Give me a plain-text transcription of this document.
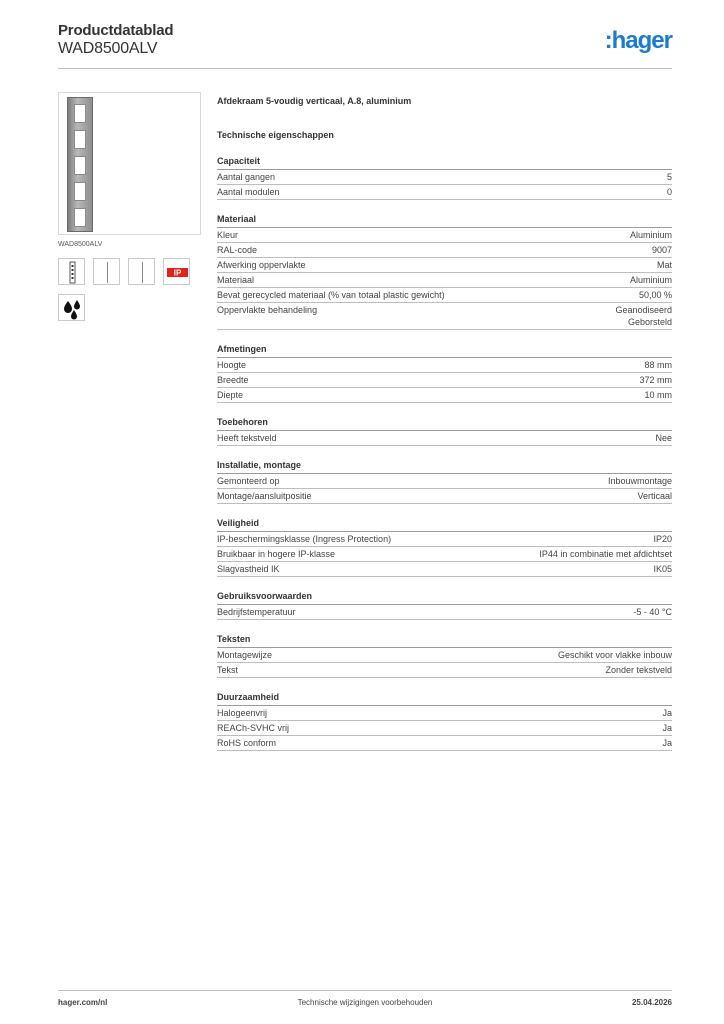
Productdatablad
WAD8500ALV	:hager
WAD8500ALV
IP
Afdekraam 5-voudig verticaal, A.8, aluminium
Technische eigenschappen
Capaciteit
Aantal gangen	5
Aantal modulen	0
Materiaal
Kleur	Aluminium
RAL-code	9007
Afwerking oppervlakte	Mat
Materiaal	Aluminium
Bevat gerecycled materiaal (% van totaal plastic gewicht)	50,00 %
Oppervlakte behandeling	Geanodiseerd
Geborsteld
Afmetingen
Hoogte	88 mm
Breedte	372 mm
Diepte	10 mm
Toebehoren
Heeft tekstveld	Nee
Installatie, montage
Gemonteerd op	Inbouwmontage
Montage/aansluitpositie	Verticaal
Veiligheid
IP-beschermingsklasse (Ingress Protection)	IP20
Bruikbaar in hogere IP-klasse	IP44 in combinatie met afdichtset
Slagvastheid IK	IK05
Gebruiksvoorwaarden
Bedrijfstemperatuur	-5 - 40 °C
Teksten
Montagewijze	Geschikt voor vlakke inbouw
Tekst	Zonder tekstveld
Duurzaamheid
Halogeenvrij	Ja
REACh-SVHC vrij	Ja
RoHS conform	Ja
hager.com/nl	Technische wijzigingen voorbehouden	25.04.2026
